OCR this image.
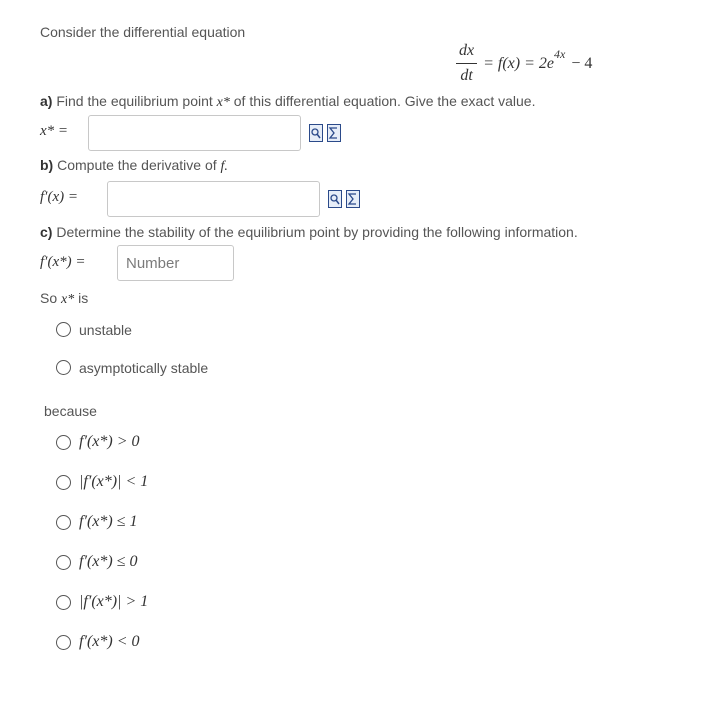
Consider the differential equation
$\frac{dx}{dt} = f(x) = 2e$
4x
− 4
a) Find the equilibrium point x* of this differential equation. Give the exact value.
x* =
b) Compute the derivative of f.
f′(x) =
c) Determine the stability of the equilibrium point by providing the following information.
f′(x*) =
Number
So x* is
unstable
asymptotically stable
because
f′(x*) > 0
|f′(x*)| < 1
f′(x*) ≤ 1
f′(x*) ≤ 0
|f′(x*)| > 1
f′(x*) < 0
